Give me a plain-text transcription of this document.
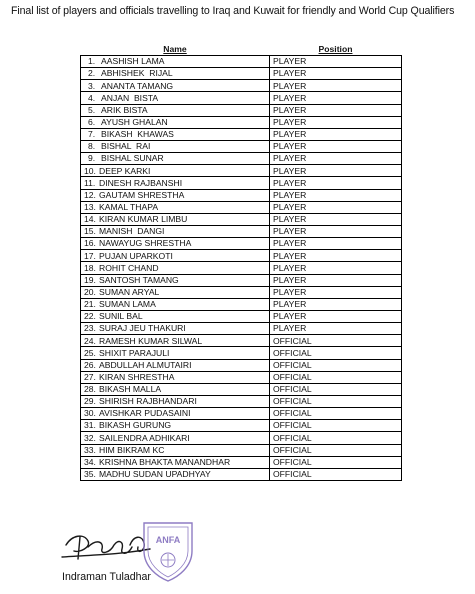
Final list of players and officials travelling to Iraq and Kuwait for friendly and World Cup Qualifiers
Name	Position
1. AASHISH LAMA	PLAYER
2. ABHISHEK  RIJAL	PLAYER
3. ANANTA TAMANG	PLAYER
4. ANJAN  BISTA	PLAYER
5. ARIK BISTA	PLAYER
6. AYUSH GHALAN	PLAYER
7. BIKASH  KHAWAS	PLAYER
8. BISHAL  RAI	PLAYER
9. BISHAL SUNAR	PLAYER
10. DEEP KARKI	PLAYER
11. DINESH RAJBANSHI	PLAYER
12. GAUTAM SHRESTHA	PLAYER
13. KAMAL THAPA	PLAYER
14. KIRAN KUMAR LIMBU	PLAYER
15. MANISH  DANGI	PLAYER
16. NAWAYUG SHRESTHA	PLAYER
17. PUJAN UPARKOTI	PLAYER
18. ROHIT CHAND	PLAYER
19. SANTOSH TAMANG	PLAYER
20. SUMAN ARYAL	PLAYER
21. SUMAN LAMA	PLAYER
22. SUNIL BAL	PLAYER
23. SURAJ JEU THAKURI	PLAYER
24. RAMESH KUMAR SILWAL	OFFICIAL
25. SHIXIT PARAJULI	OFFICIAL
26. ABDULLAH ALMUTAIRI	OFFICIAL
27. KIRAN SHRESTHA	OFFICIAL
28. BIKASH MALLA	OFFICIAL
29. SHIRISH RAJBHANDARI	OFFICIAL
30. AVISHKAR PUDASAINI	OFFICIAL
31. BIKASH GURUNG	OFFICIAL
32. SAILENDRA ADHIKARI	OFFICIAL
33. HIM BIKRAM KC	OFFICIAL
34. KRISHNA BHAKTA MANANDHAR	OFFICIAL
35. MADHU SUDAN UPADHYAY	OFFICIAL
ANFA
Indraman Tuladhar
